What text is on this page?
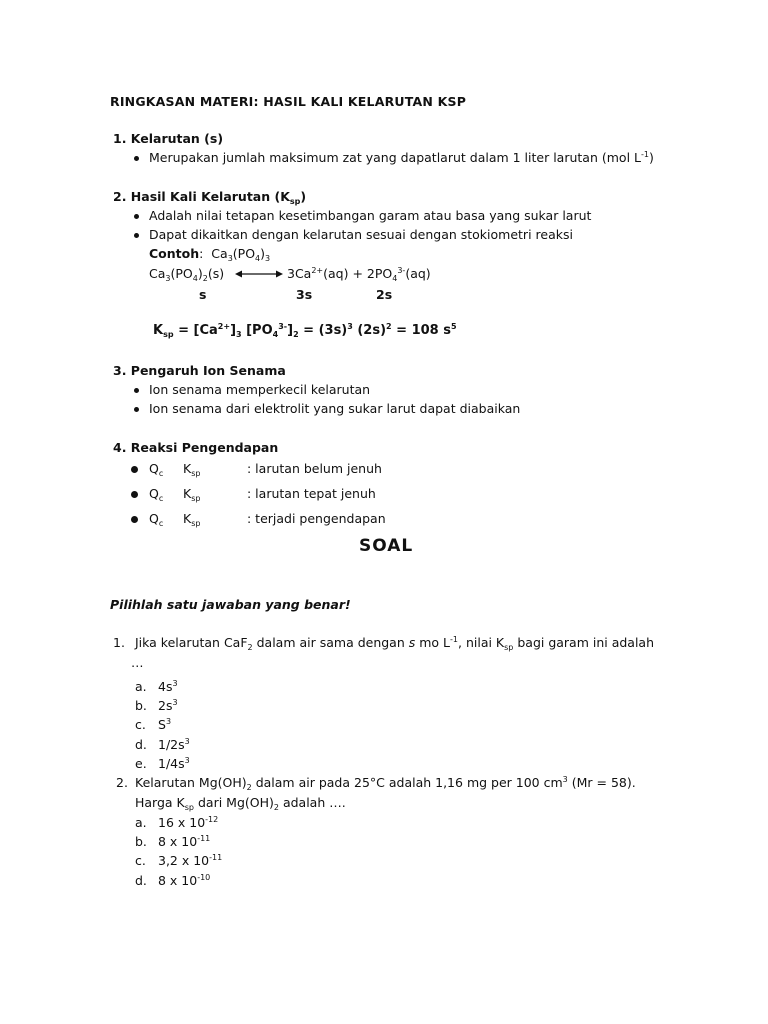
RINGKASAN MATERI: HASIL KALI KELARUTAN KSP
1. Kelarutan (s)
Merupakan jumlah maksimum zat yang dapatlarut dalam 1 liter larutan (mol $L^{-1}$)
2. Hasil Kali Kelarutan $(K_{sp})$
Adalah nilai tetapan kesetimbangan garam atau basa yang sukar larut
Dapat dikaitkan dengan kelarutan sesuai dengan stokiometri reaksi
Contoh: $Ca_3(PO_4)_3$
$Ca_3(PO_4)_2(s)$	$3Ca^{2+}(aq) + 2PO_4^{3-}(aq)$
s	3s	2s
$K_{sp} = [Ca^{2+}]_3$ $[PO_4^{3-}]_2 = (3s)^3$ $(2s)^2 = 108$ $s^5$
3. Pengaruh Ion Senama
Ion senama memperkecil kelarutan
Ion senama dari elektrolit yang sukar larut dapat diabaikan
4. Reaksi Pengendapan
$Q_c$ $K_{sp}$	: larutan belum jenuh
$Q_c$ $K_{sp}$	: larutan tepat jenuh
$Q_c$ $K_{sp}$	: terjadi pengendapan
SOAL
Pilihlah satu jawaban yang benar!
1. Jika kelarutan CaF$_2$ dalam air sama dengan s mo $L^{-1}$, nilai $K_{sp}$ bagi garam ini adalah
…
a. $4s^3$
b. $2s^3$
c. $S^3$
d. $1/2s^3$
e. $1/4s^3$
2. Kelarutan $Mg(OH)_2$ dalam air pada 25°C adalah 1,16 mg per 100 $cm^3$ (Mr = 58).
Harga $K_{sp}$ dari $Mg(OH)_2$ adalah ….
a. 16 x $10^{-12}$
b. 8 x $10^{-11}$
c. 3,2 x $10^{-11}$
d. 8 x $10^{-10}$
